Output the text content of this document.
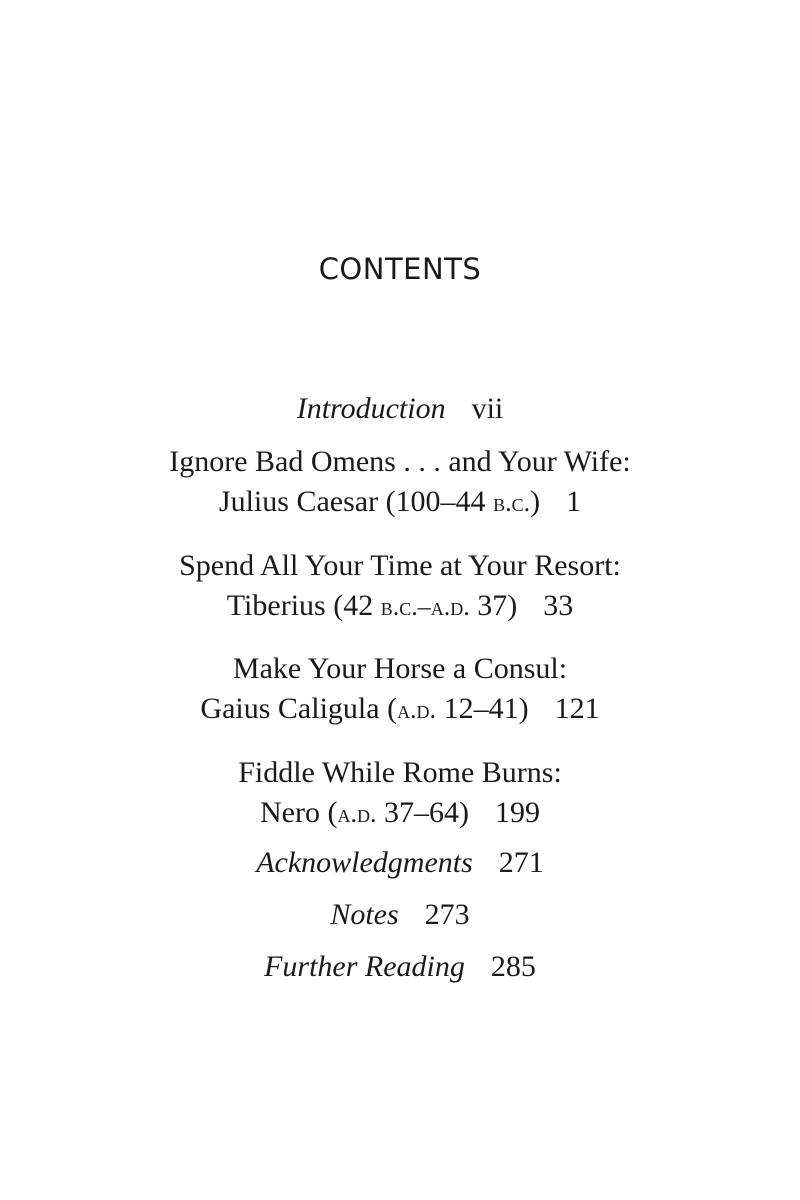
CONTENTS
Introduction vii
Ignore Bad Omens . . . and Your Wife:
Julius Caesar (100–44 b.c.) 1
Spend All Your Time at Your Resort:
Tiberius (42 b.c.–a.d. 37) 33
Make Your Horse a Consul:
Gaius Caligula (a.d. 12–41) 121
Fiddle While Rome Burns:
Nero (a.d. 37–64) 199
Acknowledgments 271
Notes 273
Further Reading 285
